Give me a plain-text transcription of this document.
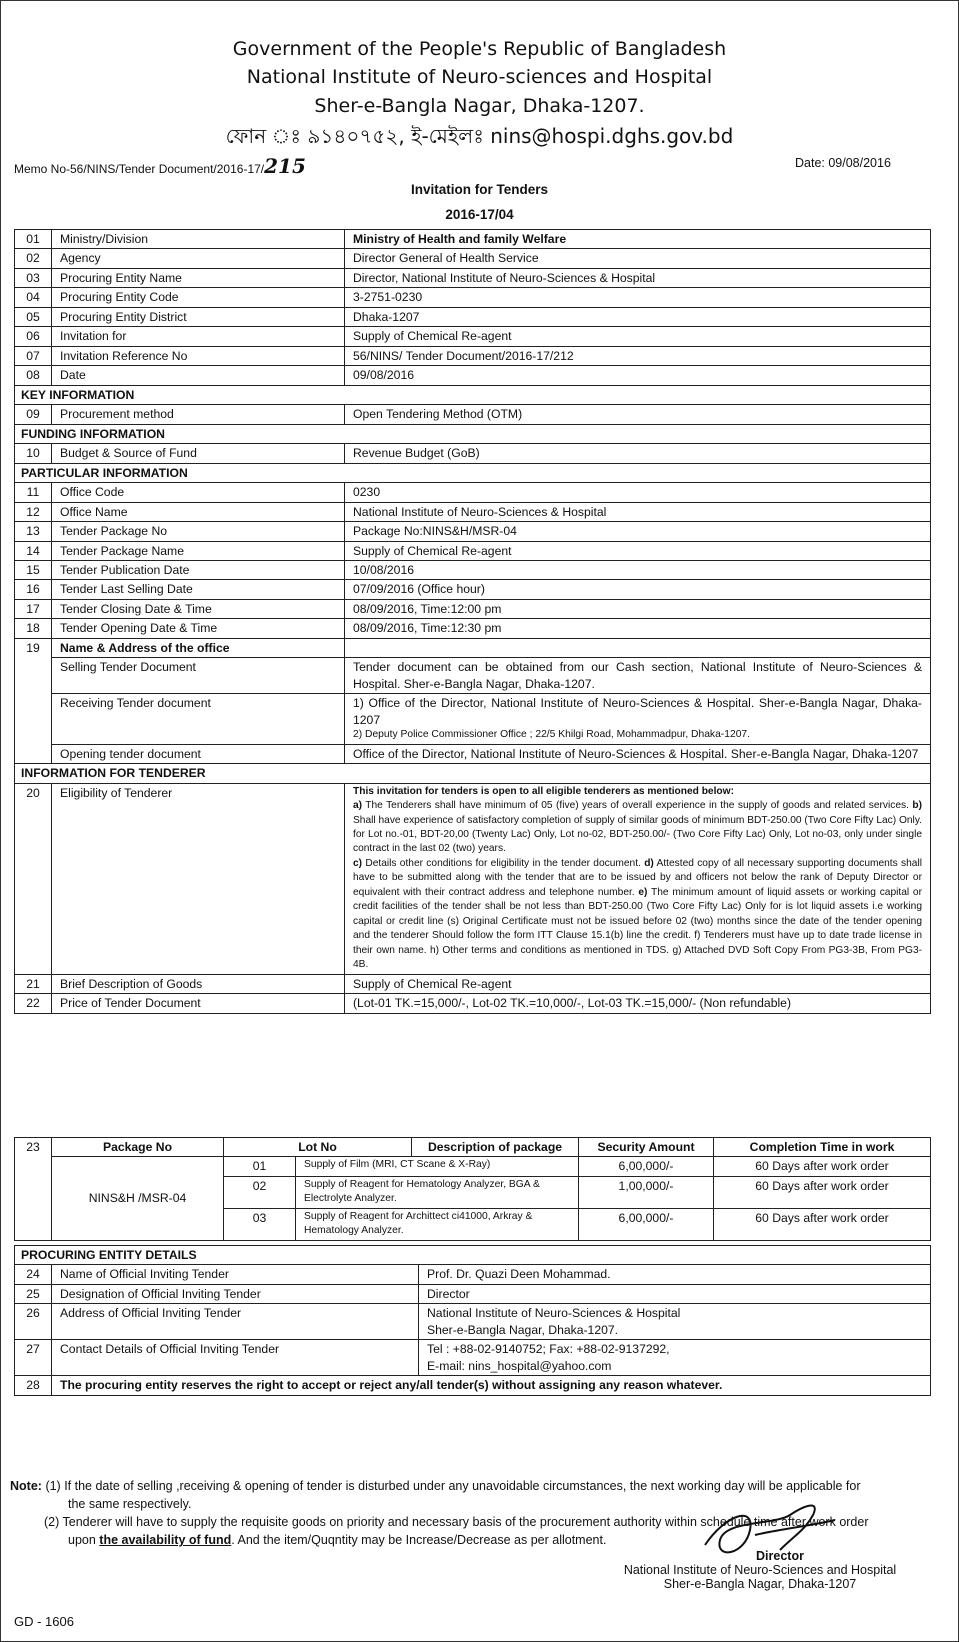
Government of the People's Republic of Bangladesh
National Institute of Neuro-sciences and Hospital
Sher-e-Bangla Nagar, Dhaka-1207.
ফোন ঃ ৯১৪০৭৫২, ই-মেইলঃ nins@hospi.dghs.gov.bd
Memo No-56/NINS/Tender Document/2016-17/215	Date: 09/08/2016
Invitation for Tenders
2016-17/04
01	Ministry/Division	Ministry of Health and family Welfare
02	Agency	Director General of Health Service
03	Procuring Entity Name	Director, National Institute of Neuro-Sciences & Hospital
04	Procuring Entity Code	3-2751-0230
05	Procuring Entity District	Dhaka-1207
06	Invitation for	Supply of Chemical Re-agent
07	Invitation Reference No	56/NINS/ Tender Document/2016-17/212
08	Date	09/08/2016
KEY INFORMATION		
09	Procurement method	Open Tendering Method (OTM)
FUNDING INFORMATION		
10	Budget & Source of Fund	Revenue Budget (GoB)
PARTICULAR INFORMATION		
11	Office Code	0230
12	Office Name	National Institute of Neuro-Sciences & Hospital
13	Tender Package No	Package No:NINS&H/MSR-04
14	Tender Package Name	Supply of Chemical Re-agent
15	Tender Publication Date	10/08/2016
16	Tender Last Selling Date	07/09/2016 (Office hour)
17	Tender Closing Date & Time	08/09/2016, Time:12:00 pm
18	Tender Opening Date & Time	08/09/2016, Time:12:30 pm
19	Name & Address of the office	
	Selling Tender Document	Tender document can be obtained from our Cash section, National Institute of Neuro-Sciences & Hospital. Sher-e-Bangla Nagar, Dhaka-1207.
	Receiving Tender document	1) Office of the Director, National Institute of Neuro-Sciences & Hospital. Sher-e-Bangla Nagar, Dhaka-1207
2) Deputy Police Commissioner Office ; 22/5 Khilgi Road, Mohammadpur, Dhaka-1207.

	Opening tender document	Office of the Director, National Institute of Neuro-Sciences & Hospital. Sher-e-Bangla Nagar, Dhaka-1207
INFORMATION FOR TENDERER		
20	Eligibility of Tenderer	This invitation for tenders is open to all eligible tenderers as mentioned below:
a) The Tenderers shall have minimum of 05 (five) years of overall experience in the supply of goods and related services. b) Shall have experience of satisfactory completion of supply of similar goods of minimum BDT-250.00 (Two Core Fifty Lac) Only. for Lot no.-01, BDT-20,00 (Twenty Lac) Only, Lot no-02, BDT-250.00/- (Two Core Fifty Lac) Only, Lot no-03, only under single contract in the last 02 (two) years.
c) Details other conditions for eligibility in the tender document. d) Attested copy of all necessary supporting documents shall have to be submitted along with the tender that are to be issued by and officers not below the rank of Deputy Director or equivalent with their contract address and telephone number. e) The minimum amount of liquid assets or working capital or credit facilities of the tender shall be not less than BDT-250.00 (Two Core Fifty Lac) Only for is lot liquid assets i.e working capital or credit line (s) Original Certificate must not be issued before 02 (two) months since the date of the tender opening and the tenderer Should follow the form ITT Clause 15.1(b) line the credit. f) Tenderers must have up to date trade license in their own name. h) Other terms and conditions as mentioned in TDS. g) Attached DVD Soft Copy From PG3-3B, From PG3-4B.
21	Brief Description of Goods	Supply of Chemical Re-agent
22	Price of Tender Document	(Lot-01 TK.=15,000/-, Lot-02 TK.=10,000/-, Lot-03 TK.=15,000/- (Non refundable)
23	Package No	Lot No		Description of package	Security Amount	Completion Time in work
	NINS&H /MSR-04	01	Supply of Film (MRI, CT Scane & X-Ray)		6,00,000/-	60 Days after work order
		02	Supply of Reagent for Hematology Analyzer, BGA & Electrolyte Analyzer.		1,00,000/-	60 Days after work order
		03	Supply of Reagent for Archittect ci41000, Arkray & Hematology Analyzer.		6,00,000/-	60 Days after work order
PROCURING ENTITY DETAILS		
24	Name of Official Inviting Tender	Prof. Dr. Quazi Deen Mohammad.
25	Designation of Official Inviting Tender	Director
26	Address of Official Inviting Tender	National Institute of Neuro-Sciences & Hospital
Sher-e-Bangla Nagar, Dhaka-1207.

27	Contact Details of Official Inviting Tender	Tel : +88-02-9140752; Fax: +88-02-9137292,
E-mail: nins_hospital@yahoo.com

28	The procuring entity reserves the right to accept or reject any/all tender(s) without assigning any reason whatever.	
Note: (1) If the date of selling ,receiving & opening of tender is disturbed under any unavoidable circumstances, the next working day will be applicable for
the same respectively.
(2) Tenderer will have to supply the requisite goods on priority and necessary basis of the procurement authority within schedule time after work order
upon the availability of fund. And the item/Quqntity may be Increase/Decrease as per allotment.
Director
National Institute of Neuro-Sciences and Hospital
Sher-e-Bangla Nagar, Dhaka-1207
GD - 1606
